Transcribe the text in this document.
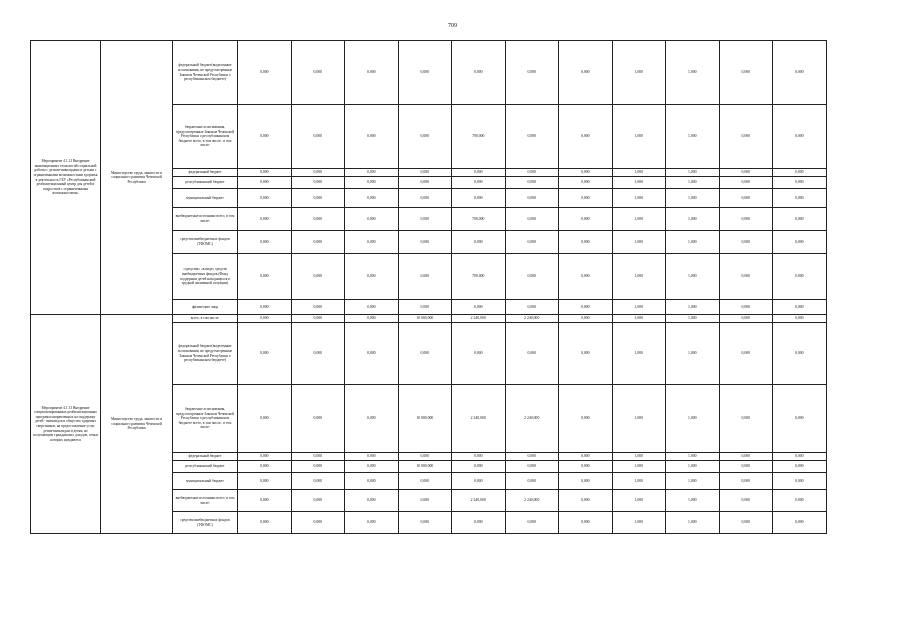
709
Мероприятие 4.1.12 Внедрение инновационных технологий социальной работы с детьми-инвалидами и детьми с ограниченными возможностями здоровья в деятельность ГБУ «Республиканский реабилитационный центр для детей и подростков с ограниченными возможностями»	Министерство труда, занятости и социального развития Чеченской Республики	федеральный бюджет(выделенные ассигнования, не предусмотренные Законом Чеченской Республики о республиканском бюджете)	0,000	0,000	0,000	0,000	0,000	0,000	0,000	1,000	1,000	0,000	0,000
		бюджетные ассигнования, предусмотренные Законом Чеченской Республики о республиканском бюджете всего, в том числе:, в том числе:	0,000	0,000	0,000	0,000	700,000	0,000	0,000	1,000	1,000	0,000	0,000
		федеральный бюджет	0,000	0,000	0,000	0,000	0,000	0,000	0,000	1,000	1,000	0,000	0,000
		республиканский бюджет	0,000	0,000	0,000	0,000	0,000	0,000	0,000	1,000	1,000	0,000	0,000
		муниципальный бюджет	0,000	0,000	0,000	0,000	0,000	0,000	0,000	1,000	1,000	0,000	0,000
		внебюджетные источники всего, в том числе:	0,000	0,000	0,000	0,000	700,000	0,000	0,000	1,000	1,000	0,000	0,000
		средства внебюджетных фондов (ТФОМС)	0,000	0,000	0,000	0,000	0,000	0,000	0,000	1,000	1,000	0,000	0,000
		«средства» «в виде» средств внебюджетных фондов (Фонд поддержки детей находящихся в трудной жизненной ситуации)	0,000	0,000	0,000	0,000	700,000	0,000	0,000	1,000	1,000	0,000	0,000
		физические лица	0,000	0,000	0,000	0,000	0,000	0,000	0,000	1,000	1,000	0,000	0,000
Мероприятие 4.1.13 Внедрение специализированных реабилитационных программ направленных на поддержку детей - инвалидов в общество здоровых сверстников, на предоставление услуг детям-инвалидам и детям, не получающим гражданских доходов, семьи которых нуждаются	Министерство труда, занятости и социального развития Чеченской Республики	всего, в том числе:	0,000	0,000	0,000	10 000,000	2 240,000	2 240,000	0,000	1,000	1,000	0,000	0,000
		федеральный бюджет(выделенные ассигнования, не предусмотренные Законом Чеченской Республики о республиканском бюджете)	0,000	0,000	0,000	0,000	0,000	0,000	0,000	1,000	1,000	0,000	0,000
		бюджетные ассигнования, предусмотренные Законом Чеченской Республики о республиканском бюджете всего, в том числе:, в том числе:	0,000	0,000	0,000	10 000,000	2 240,000	2 240,000	0,000	1,000	1,000	0,000	0,000
		федеральный бюджет	0,000	0,000	0,000	0,000	0,000	0,000	0,000	1,000	1,000	0,000	0,000
		республиканский бюджет	0,000	0,000	0,000	10 000,000	0,000	0,000	0,000	1,000	1,000	0,000	0,000
		муниципальный бюджет	0,000	0,000	0,000	0,000	0,000	0,000	0,000	1,000	1,000	0,000	0,000
		внебюджетные источники всего, в том числе:	0,000	0,000	0,000	0,000	2 240,000	2 240,000	0,000	1,000	1,000	0,000	0,000
		средства внебюджетных фондов (ТФОМС)	0,000	0,000	0,000	0,000	0,000	0,000	0,000	1,000	1,000	0,000	0,000
